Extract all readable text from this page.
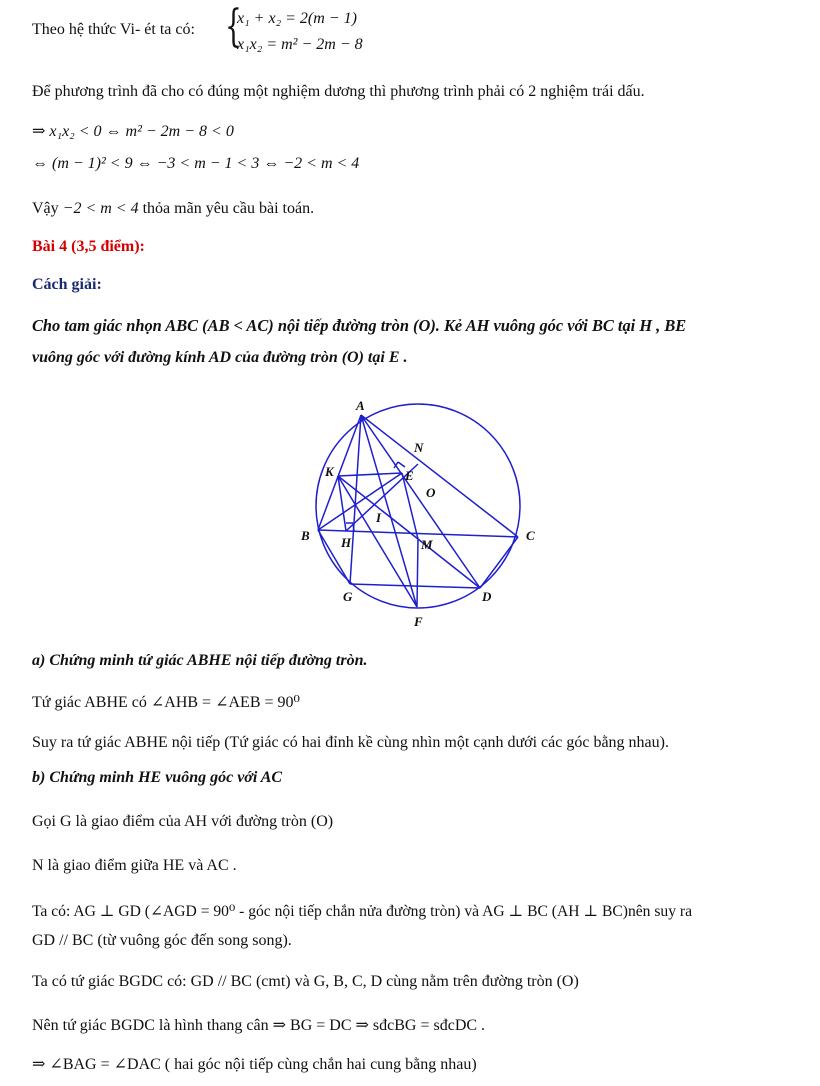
Theo hệ thức Vi- ét ta có: {
x₁ + x₂ = 2(m − 1)
x₁x₂ = m² − 2m − 8
Để phương trình đã cho có đúng một nghiệm dương thì phương trình phải có 2 nghiệm trái dấu.
⇒ x₁x₂ < 0 ⇔ m² − 2m − 8 < 0
⇔ (m − 1)² < 9 ⇔ −3 < m − 1 < 3 ⇔ −2 < m < 4
Vậy −2 < m < 4 thỏa mãn yêu cầu bài toán.
Bài 4 (3,5 điểm):
Cách giải:
Cho tam giác nhọn ABC (AB < AC) nội tiếp đường tròn (O). Kẻ AH vuông góc với BC tại H , BE
vuông góc với đường kính AD của đường tròn (O) tại E .
A
N
K	E
O
I
B H	M
C
G	D
F
a) Chứng minh tứ giác ABHE nội tiếp đường tròn.
Tứ giác ABHE có ∠AHB = ∠AEB = 90⁰
Suy ra tứ giác ABHE nội tiếp (Tứ giác có hai đỉnh kề cùng nhìn một cạnh dưới các góc bằng nhau).
b) Chứng minh HE vuông góc với AC
Gọi G là giao điểm của AH với đường tròn (O)
N là giao điểm giữa HE và AC .
Ta có: AG ⊥ GD (∠AGD = 90⁰ - góc nội tiếp chắn nửa đường tròn) và AG ⊥ BC (AH ⊥ BC)nên suy ra
GD // BC (từ vuông góc đến song song).
Ta có tứ giác BGDC có: GD // BC (cmt) và G, B, C, D cùng nằm trên đường tròn (O)
Nên tứ giác BGDC là hình thang cân ⇒ BG = DC ⇒ sđcBG = sđcDC .
⇒ ∠BAG = ∠DAC ( hai góc nội tiếp cùng chắn hai cung bằng nhau)
